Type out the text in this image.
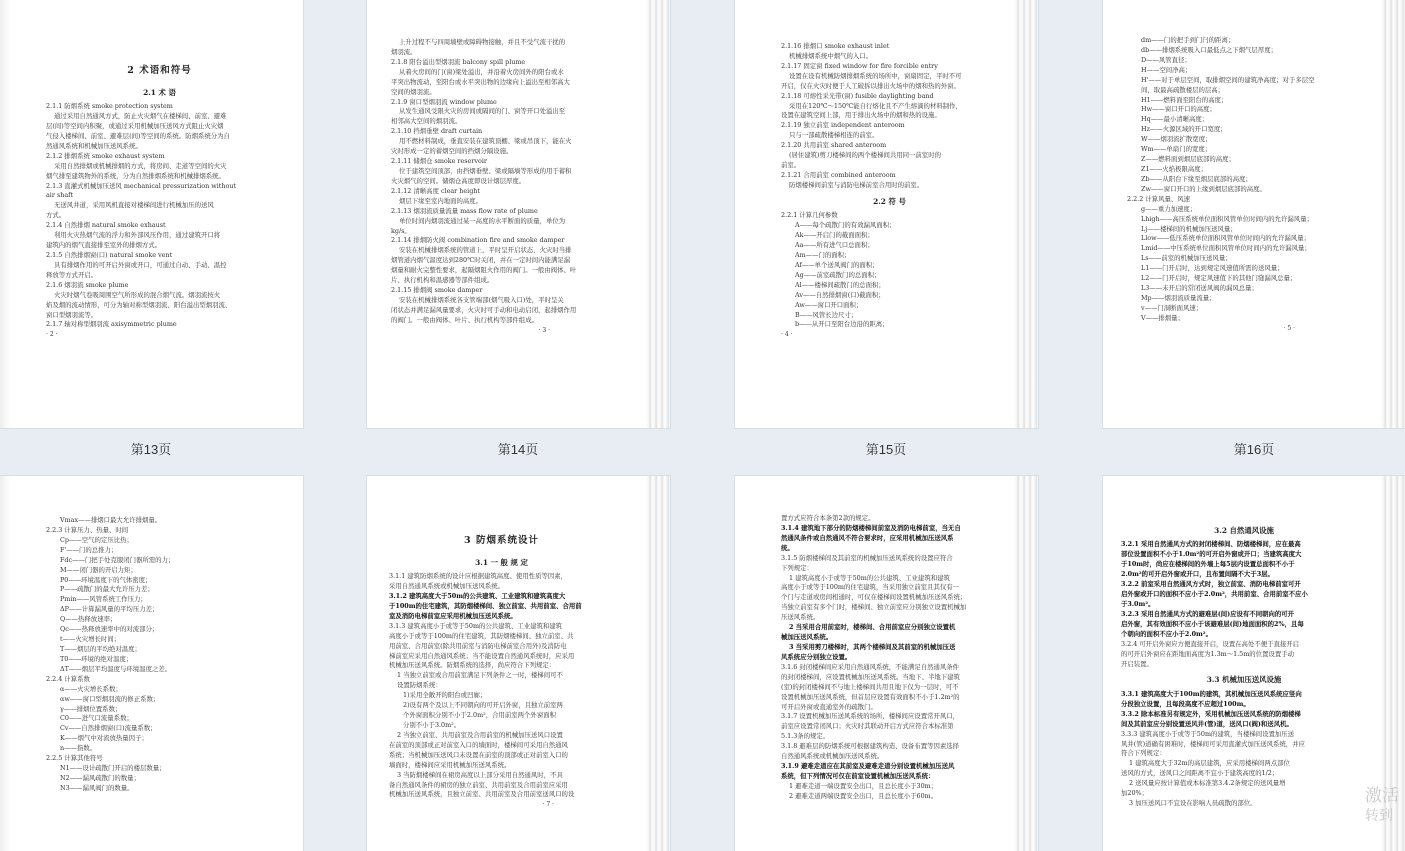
2 术语和符号
2.1 术 语
2.1.1 防烟系统 smoke protection system
通过采用自然通风方式，防止火灾烟气在楼梯间、前室、避难
层(间)等空间内积聚，或通过采用机械加压送风方式阻止火灾烟
气侵入楼梯间、前室、避难层(间)等空间的系统。防烟系统分为自
然通风系统和机械加压送风系统。
2.1.2 排烟系统 smoke exhaust system
采用自然排烟或机械排烟的方式，将房间、走道等空间的火灾
烟气排至建筑物外的系统，分为自然排烟系统和机械排烟系统。
2.1.3 直灌式机械加压送风 mechanical pressurization without
air shaft
无送风井道，采用风机直接对楼梯间进行机械加压的送风
方式。
2.1.4 自然排烟 natural smoke exhaust
利用火灾热烟气流的浮力和外部风压作用，通过建筑开口将
建筑内的烟气直接排至室外的排烟方式。
2.1.5 自然排烟窗(口) natural smoke vent
具有排烟作用的可开启外窗或开口，可通过自动、手动、温控
释放等方式开启。
2.1.6 烟羽流 smoke plume
火灾时烟气卷吸周围空气所形成的混合烟气流。烟羽流按火
焰及烟的流动情形，可分为轴对称型烟羽流、阳台溢出型烟羽流、
窗口型烟羽流等。
2.1.7 轴对称型烟羽流 axisymmetric plume
· 2 ·
上升过程不与四周墙壁或障碍物接触，并且不受气流干扰的
烟羽流。
2.1.8 阳台溢出型烟羽流 balcony spill plume
从着火房间的门(窗)梁处溢出，并沿着火房间外的阳台或水
平突出物流动，至阳台或水平突出物的边缘向上溢出至相邻高大
空间的烟羽流。
2.1.9 窗口型烟羽流 window plume
从发生通风受限火灾的房间或隔间的门、窗等开口处溢出至
相邻高大空间的烟羽流。
2.1.10 挡烟垂壁 draft curtain
用不燃材料制成，垂直安装在建筑顶棚、梁或吊顶下，能在火
灾时形成一定的蓄烟空间的挡烟分隔设施。
2.1.11 储烟仓 smoke reservoir
位于建筑空间顶部，由挡烟垂壁、梁或隔墙等形成的用于蓄积
火灾烟气的空间。储烟仓高度即设计烟层厚度。
2.1.12 清晰高度 clear height
烟层下缘至室内地面的高度。
2.1.13 烟羽流质量流量 mass flow rate of plume
单位时间内烟羽流通过某一高度的水平断面的质量，单位为
kg/s。
2.1.14 排烟防火阀 combination fire and smoke damper
安装在机械排烟系统的管道上，平时呈开启状态，火灾时当排
烟管道内烟气温度达到280℃时关闭，并在一定时间内能满足漏
烟量和耐火完整性要求，起隔烟阻火作用的阀门。一般由阀体、叶
片、执行机构和温感器等部件组成。
2.1.15 排烟阀 smoke damper
安装在机械排烟系统各支管端部(烟气吸入口)处，平时呈关
闭状态并满足漏风量要求，火灾时可手动和电动启闭，起排烟作用
的阀门。一般由阀体、叶片、执行机构等部件组成。
· 3 ·
2.1.16 排烟口 smoke exhaust inlet
机械排烟系统中烟气的入口。
2.1.17 固定窗 fixed window for fire forcible entry
设置在设有机械防烟排烟系统的场所中，窗扇固定，平时不可
开启，仅在火灾时便于人工破拆以排出火场中的烟和热的外窗。
2.1.18 可熔性采光带(窗) fusible daylighting band
采用在120℃～150℃能自行熔化且不产生熔滴的材料制作，
设置在建筑空间上部，用于排出火场中的烟和热的设施。
2.1.19 独立前室 independent anteroom
只与一部疏散楼梯相连的前室。
2.1.20 共用前室 shared anteroom
(居住建筑)剪刀楼梯间的两个楼梯间共用同一前室时的
前室。
2.1.21 合用前室 combined anteroom
防烟楼梯间前室与消防电梯前室合用时的前室。
2.2 符 号
2.2.1 计算几何参数
A——每个疏散门的有效漏风面积；
Ak——开启门的截面面积；
Aa——所有进气口总面积；
Am——门的面积；
Af——单个送风阀门的面积；
Ag——前室疏散门的总面积；
Al——楼梯间疏散门的总面积；
Av——自然排烟窗(口)截面积；
Aw——窗口开口面积；
B——风管长边尺寸；
b——从开口至阳台边沿的距离；
· 4 ·
dm——门的把手到门闩的距离；
db——排烟系统吸入口最低点之下烟气层厚度；
D——风管直径；
H——空间净高；
H'——对于单层空间，取排烟空间的建筑净高度；对于多层空
间，取最高疏散楼层的层高；
H1——燃料面至阳台的高度；
Hw——窗口开口的高度；
Hq——最小清晰高度；
Hz——火源区域的开口宽度；
W——烟羽流扩散宽度；
Wm——单扇门的宽度；
Z——燃料面到烟层底部的高度；
Z1——火焰极限高度；
Zb——从阳台下缘至烟层底部的高度；
Zw——窗口开口的上缘到烟层底部的高度。
2.2.2 计算风量、风速
g——重力加速度；
Lhigh——高压系统单位面积风管单位时间内的允许漏风量；
Lj——楼梯间的机械加压送风量；
Llow——低压系统单位面积风管单位时间内的允许漏风量；
Lmid——中压系统单位面积风管单位时间内的允许漏风量；
Ls——前室的机械加压送风量；
L1——门开启时，达到规定风速值所需的送风量；
L2——门开启时，规定风速值下的其他门缝漏风总量；
L3——未开启的常闭送风阀的漏风总量；
Mp——烟羽流质量流量；
v——门洞断面风速；
V——排烟量；
· 5 ·
第13页	第14页	第15页	第16页
Vmax——排烟口最大允许排烟量。
2.2.3 计算压力、热量、时间
Cp——空气的定压比热；
F'——门的总推力；
Fdc——门把手处克服闭门器所需的力；
M——闭门器的开启力矩；
P0——环境温度下的气体密度；
P——疏散门的最大允许压力差；
Pmin——风管系统工作压力；
ΔP——计算漏风量的平均压力差；
Q——热释放速率；
Qc——热释放速率中的对流部分；
t——火灾增长时间；
T——烟层的平均绝对温度；
T0——环境的绝对温度；
ΔT——烟层平均温度与环境温度之差。
2.2.4 计算系数
α——火灾增长系数；
αw——窗口型烟羽流的修正系数；
γ——排烟位置系数；
C0——进气口流量系数；
Cv——自然排烟窗(口)流量系数；
K——烟气中对流放热量因子；
n——指数。
2.2.5 计算其他符号
N1——设计疏散门开启的楼层数量；
N2——漏风疏散门的数量；
N3——漏风阀门的数量。
3 防烟系统设计
3.1 一 般 规 定
3.1.1 建筑防烟系统的设计应根据建筑高度、使用性质等因素，
采用自然通风系统或机械加压送风系统。
3.1.2 建筑高度大于50m的公共建筑、工业建筑和建筑高度大
于100m的住宅建筑，其防烟楼梯间、独立前室、共用前室、合用前
室及消防电梯前室应采用机械加压送风系统。
3.1.3 建筑高度小于或等于50m的公共建筑、工业建筑和建筑
高度小于或等于100m的住宅建筑，其防烟楼梯间、独立前室、共
用前室、合用前室(除共用前室与消防电梯前室合用外)及消防电
梯前室应采用自然通风系统；当不能设置自然通风系统时，应采用
机械加压送风系统。防烟系统的选择，尚应符合下列规定：
1 当独立前室或合用前室满足下列条件之一时，楼梯间可不
设置防烟系统：
1)采用全敞开的阳台或凹廊；
2)设有两个及以上不同朝向的可开启外窗，且独立前室两
个外窗面积分别不小于2.0m²，合用前室两个外窗面积
分别不小于3.0m²。
2 当独立前室、共用前室及合用前室的机械加压送风口设置
在前室的顶部或正对前室入口的墙面时，楼梯间可采用自然通风
系统；当机械加压送风口未设置在前室的顶部或正对前室入口的
墙面时，楼梯间应采用机械加压送风系统。
3 当防烟楼梯间在裙房高度以上部分采用自然通风时，不具
备自然通风条件的裙房的独立前室、共用前室及合用前室应采用
机械加压送风系统，且独立前室、共用前室及合用前室送风口的设
· 7 ·
置方式应符合本条第2款的规定。
3.1.4 建筑地下部分的防烟楼梯间前室及消防电梯前室，当无自
然通风条件或自然通风不符合要求时，应采用机械加压送风系
统。
3.1.5 防烟楼梯间及其前室的机械加压送风系统的设置应符合
下列规定：
1 建筑高度小于或等于50m的公共建筑、工业建筑和建筑
高度小于或等于100m的住宅建筑，当采用独立前室且其仅有一
个门与走道或房间相通时，可仅在楼梯间设置机械加压送风系统；
当独立前室有多个门时，楼梯间、独立前室应分别独立设置机械加
压送风系统。
2 当采用合用前室时，楼梯间、合用前室应分别独立设置机
械加压送风系统。
3 当采用剪刀楼梯时，其两个楼梯间及其前室的机械加压送
风系统应分别独立设置。
3.1.6 封闭楼梯间应采用自然通风系统，不能满足自然通风条件
的封闭楼梯间，应设置机械加压送风系统。当地下、半地下建筑
(室)的封闭楼梯间不与地上楼梯间共用且地下仅为一层时，可不
设置机械加压送风系统，但首层应设置有效面积不小于1.2m²的
可开启外窗或直通室外的疏散门。
3.1.7 设置机械加压送风系统的场所，楼梯间应设置常开风口，
前室应设置常闭风口；火灾时其联动开启方式应符合本标准第
5.1.3条的规定。
3.1.8 避难层的防烟系统可根据建筑构造、设备布置等因素选择
自然通风系统或机械加压送风系统。
3.1.9 避难走道应在其前室及避难走道分别设置机械加压送风
系统，但下列情况可仅在前室设置机械加压送风系统：
1 避难走道一端设置安全出口，且总长度小于30m；
2 避难走道两端设置安全出口，且总长度小于60m。
3.2 自然通风设施
3.2.1 采用自然通风方式的封闭楼梯间、防烟楼梯间，应在最高
部位设置面积不小于1.0m²的可开启外窗或开口；当建筑高度大
于10m时，尚应在楼梯间的外墙上每5层内设置总面积不小于
2.0m²的可开启外窗或开口，且布置间隔不大于3层。
3.2.2 前室采用自然通风方式时，独立前室、消防电梯前室可开
启外窗或开口的面积不应小于2.0m²，共用前室、合用前室不应小
于3.0m²。
3.2.3 采用自然通风方式的避难层(间)应设有不同朝向的可开
启外窗，其有效面积不应小于该避难层(间)地面面积的2%，且每
个朝向的面积不应小于2.0m²。
3.2.4 可开启外窗应方便直接开启，设置在高处不便于直接开启
的可开启外窗应在距地面高度为1.3m～1.5m的位置设置手动
开启装置。
3.3 机械加压送风设施
3.3.1 建筑高度大于100m的建筑，其机械加压送风系统应竖向
分段独立设置，且每段高度不应超过100m。
3.3.2 除本标准另有规定外，采用机械加压送风系统的防烟楼梯
间及其前室应分别设置送风井(管)道，送风口(阀)和送风机。
3.3.3 建筑高度小于或等于50m的建筑，当楼梯间设置加压送
风井(管)道确有困难时，楼梯间可采用直灌式加压送风系统，并应
符合下列规定：
1 建筑高度大于32m的高层建筑，应采用楼梯间两点部位
送风的方式，送风口之间距离不宜小于建筑高度的1/2；
2 送风量应按计算值或本标准第3.4.2条规定的送风量增
加20%；
3 加压送风口不宜设在影响人员疏散的部位。	激活
转到
